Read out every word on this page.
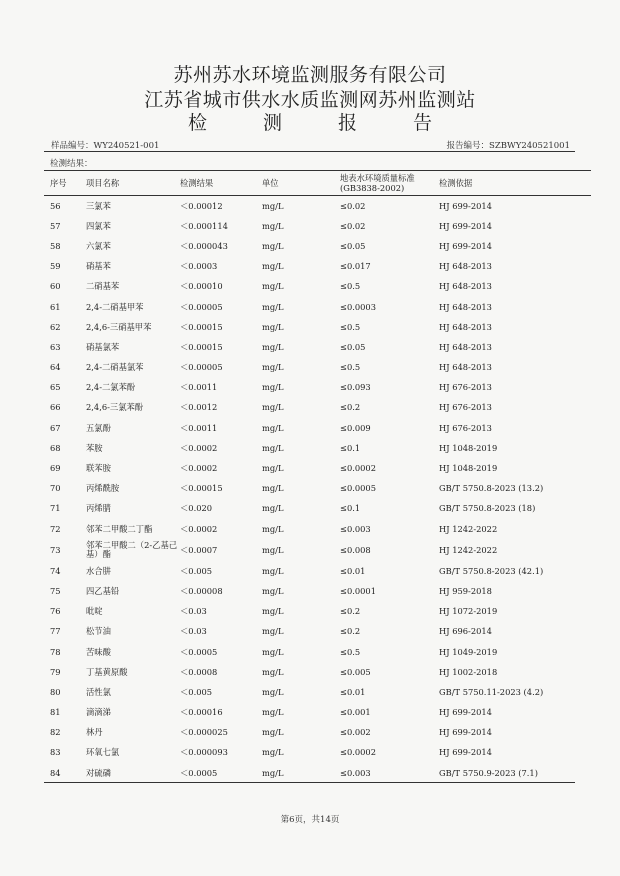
苏州苏水环境监测服务有限公司
江苏省城市供水水质监测网苏州监测站
检	测	报	告
样品编号：WY240521-001	报告编号：SZBWY240521001
检测结果：
序号	项目名称	检测结果	单位	地表水环境质量标准(GB3838-2002)	检测依据
56	三氯苯	＜0.00012	mg/L	≤0.02	HJ 699-2014
57	四氯苯	＜0.000114	mg/L	≤0.02	HJ 699-2014
58	六氯苯	＜0.000043	mg/L	≤0.05	HJ 699-2014
59	硝基苯	＜0.0003	mg/L	≤0.017	HJ 648-2013
60	二硝基苯	＜0.00010	mg/L	≤0.5	HJ 648-2013
61	2,4-二硝基甲苯	＜0.00005	mg/L	≤0.0003	HJ 648-2013
62	2,4,6-三硝基甲苯	＜0.00015	mg/L	≤0.5	HJ 648-2013
63	硝基氯苯	＜0.00015	mg/L	≤0.05	HJ 648-2013
64	2,4-二硝基氯苯	＜0.00005	mg/L	≤0.5	HJ 648-2013
65	2,4-二氯苯酚	＜0.0011	mg/L	≤0.093	HJ 676-2013
66	2,4,6-三氯苯酚	＜0.0012	mg/L	≤0.2	HJ 676-2013
67	五氯酚	＜0.0011	mg/L	≤0.009	HJ 676-2013
68	苯胺	＜0.0002	mg/L	≤0.1	HJ 1048-2019
69	联苯胺	＜0.0002	mg/L	≤0.0002	HJ 1048-2019
70	丙烯酰胺	＜0.00015	mg/L	≤0.0005	GB/T 5750.8-2023 (13.2)
71	丙烯腈	＜0.020	mg/L	≤0.1	GB/T 5750.8-2023 (18)
72	邻苯二甲酸二丁酯	＜0.0002	mg/L	≤0.003	HJ 1242-2022
73	邻苯二甲酸二（2-乙基己基）酯	＜0.0007	mg/L	≤0.008	HJ 1242-2022
74	水合肼	＜0.005	mg/L	≤0.01	GB/T 5750.8-2023 (42.1)
75	四乙基铅	＜0.00008	mg/L	≤0.0001	HJ 959-2018
76	吡啶	＜0.03	mg/L	≤0.2	HJ 1072-2019
77	松节油	＜0.03	mg/L	≤0.2	HJ 696-2014
78	苦味酸	＜0.0005	mg/L	≤0.5	HJ 1049-2019
79	丁基黄原酸	＜0.0008	mg/L	≤0.005	HJ 1002-2018
80	活性氯	＜0.005	mg/L	≤0.01	GB/T 5750.11-2023 (4.2)
81	滴滴涕	＜0.00016	mg/L	≤0.001	HJ 699-2014
82	林丹	＜0.000025	mg/L	≤0.002	HJ 699-2014
83	环氧七氯	＜0.000093	mg/L	≤0.0002	HJ 699-2014
84	对硫磷	＜0.0005	mg/L	≤0.003	GB/T 5750.9-2023 (7.1)
第6页，共14页
